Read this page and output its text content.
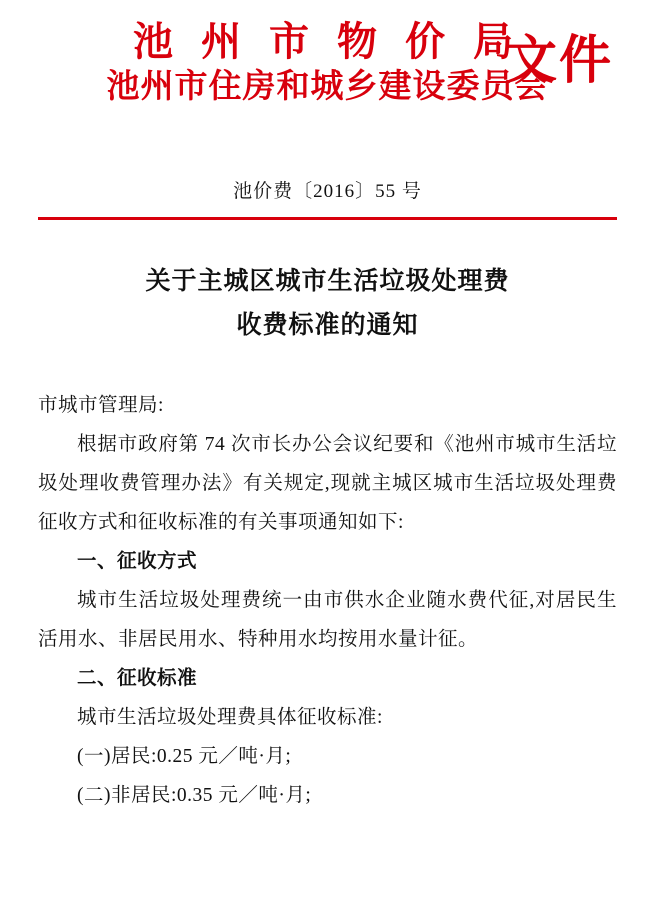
池 州 市 物 价 局
池州市住房和城乡建设委员会
文件
池价费〔2016〕55 号
关于主城区城市生活垃圾处理费
收费标准的通知

市城市管理局:

根据市政府第 74 次市长办公会议纪要和《池州市城市生活垃圾处理收费管理办法》有关规定,现就主城区城市生活垃圾处理费征收方式和征收标准的有关事项通知如下:

一、征收方式

城市生活垃圾处理费统一由市供水企业随水费代征,对居民生活用水、非居民用水、特种用水均按用水量计征。

二、征收标准

城市生活垃圾处理费具体征收标准:

(一)居民:0.25 元／吨·月;

(二)非居民:0.35 元／吨·月;
